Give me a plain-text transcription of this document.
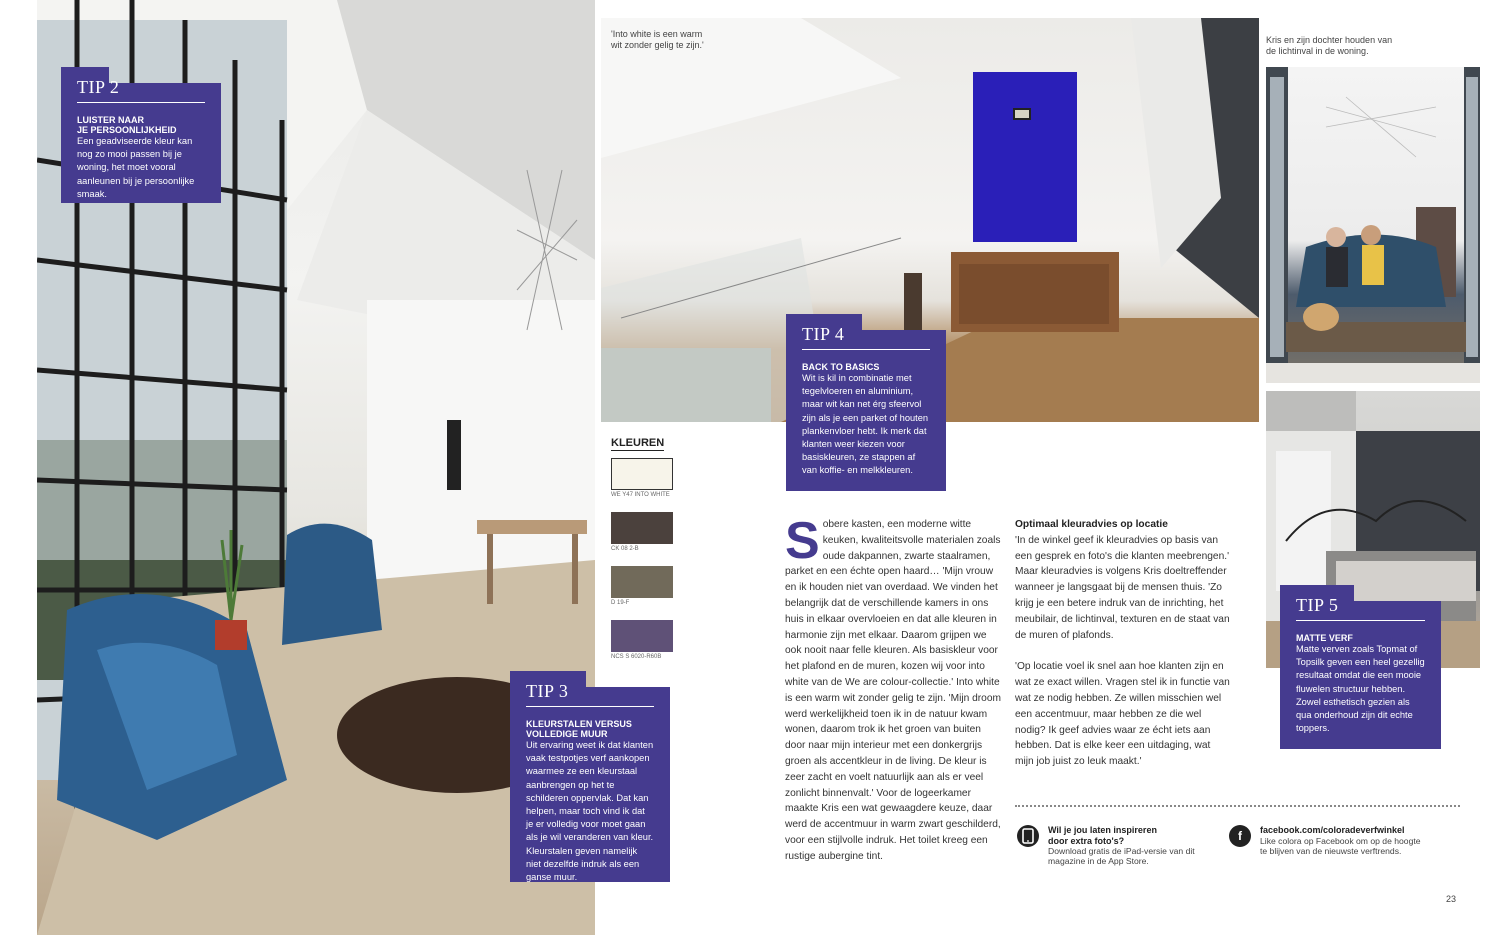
TIP 2
LUISTER NAAR
JE PERSOONLIJKHEID
Een geadviseerde kleur kan nog zo mooi passen bij je woning, het moet vooral aanleunen bij je persoonlijke smaak.
TIP 3
KLEURSTALEN VERSUS
VOLLEDIGE MUUR
Uit ervaring weet ik dat klanten vaak testpotjes verf aankopen waarmee ze een kleurstaal aanbrengen op het te schilderen oppervlak. Dat kan helpen, maar toch vind ik dat je er volledig voor moet gaan als je wil veranderen van kleur. Kleurstalen geven namelijk niet dezelfde indruk als een ganse muur.
TIP 4
BACK TO BASICS
Wit is kil in combinatie met tegelvloeren en aluminium, maar wit kan net érg sfeervol zijn als je een parket of houten plankenvloer hebt. Ik merk dat klanten weer kiezen voor basiskleuren, ze stappen af van koffie- en melkkleuren.
TIP 5
MATTE VERF
Matte verven zoals Topmat of Topsilk geven een heel gezellig resultaat omdat die een mooie fluwelen structuur hebben. Zowel esthetisch gezien als qua onderhoud zijn dit echte toppers.
'Into white is een warm wit zonder gelig te zijn.'	Kris en zijn dochter houden van de lichtinval in de woning.
KLEUREN
WE Y47 INTO WHITE
CK 08 2-B
D 19-F
NCS S 6020-R60B
S obere kasten, een moderne witte keuken, kwaliteitsvolle materialen zoals oude dakpannen, zwarte staalramen, parket en een échte open haard… 'Mijn vrouw en ik houden niet van overdaad. We vinden het belangrijk dat de verschillende kamers in ons huis in elkaar overvloeien en dat alle kleuren in harmonie zijn met elkaar. Daarom grijpen we ook nooit naar felle kleuren. Als basiskleur voor het plafond en de muren, kozen wij voor into white van de We are colour-collectie.' Into white is een warm wit zonder gelig te zijn. 'Mijn droom werd werkelijkheid toen ik in de natuur kwam wonen, daarom trok ik het groen van buiten door naar mijn interieur met een donkergrijs groen als accentkleur in de living. De kleur is zeer zacht en voelt natuurlijk aan als er veel zonlicht binnenvalt.' Voor de logeerkamer maakte Kris een wat gewaagdere keuze, daar werd de accentmuur in warm zwart geschilderd, voor een stijlvolle indruk. Het toilet kreeg een rustige aubergine tint.
Optimaal kleuradvies op locatie
'In de winkel geef ik kleuradvies op basis van een gesprek en foto's die klanten meebrengen.' Maar kleuradvies is volgens Kris doeltreffender wanneer je langsgaat bij de mensen thuis. 'Zo krijg je een betere indruk van de inrichting, het meubilair, de lichtinval, texturen en de staat van de muren of plafonds.
'Op locatie voel ik snel aan hoe klanten zijn en wat ze exact willen. Vragen stel ik in functie van wat ze nodig hebben. Ze willen misschien wel een accentmuur, maar hebben ze die wel nodig? Ik geef advies waar ze écht iets aan hebben. Dat is elke keer een uitdaging, wat mijn job juist zo leuk maakt.'
Wil je jou laten inspireren
door extra foto's?
Download gratis de iPad-versie van dit magazine in de App Store.
f	facebook.com/coloradeverfwinkel
Like colora op Facebook om op de hoogte te blijven van de nieuwste verftrends.
23
